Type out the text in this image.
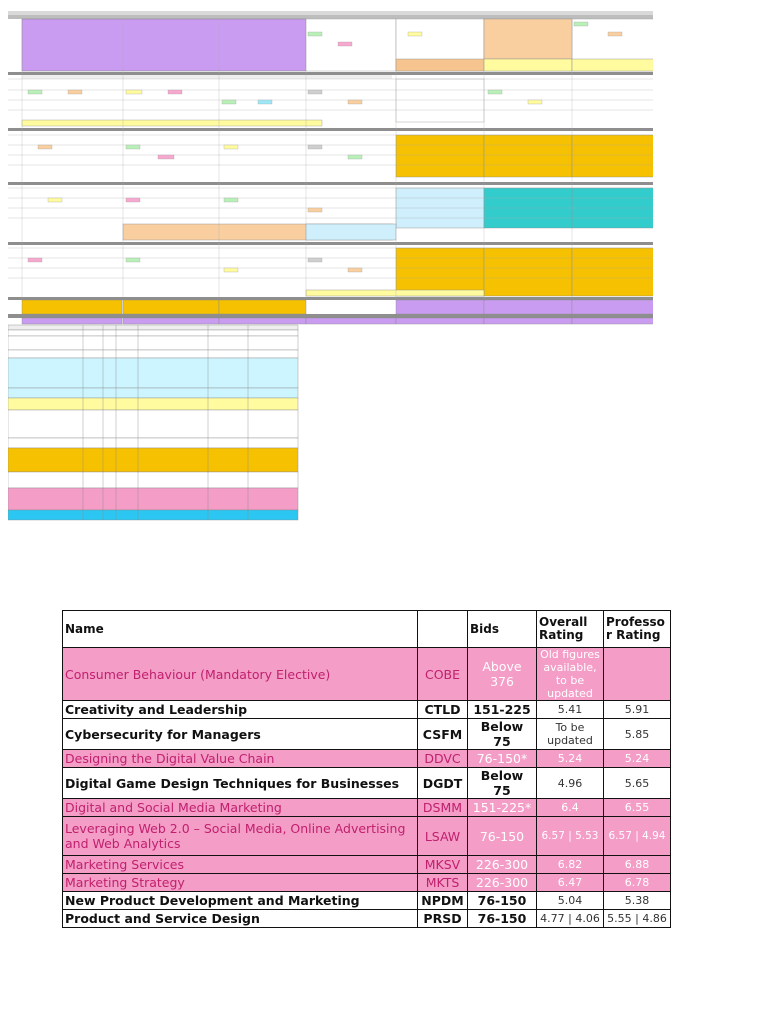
Name		Bids	Overall Rating	Professo r Rating
Consumer Behaviour (Mandatory Elective)	COBE	Above 376	Old figures available, to be updated	
Creativity and Leadership	CTLD	151-225	5.41	5.91
Cybersecurity for Managers	CSFM	Below 75	To be updated	5.85
Designing the Digital Value Chain	DDVC	76-150*	5.24	5.24
Digital Game Design Techniques for Businesses	DGDT	Below 75	4.96	5.65
Digital and Social Media Marketing	DSMM	151-225*	6.4	6.55
Leveraging Web 2.0 – Social Media, Online Advertising and Web Analytics	LSAW	76-150	6.57 | 5.53	6.57 | 4.94
Marketing Services	MKSV	226-300	6.82	6.88
Marketing Strategy	MKTS	226-300	6.47	6.78
New Product Development and Marketing	NPDM	76-150	5.04	5.38
Product and Service Design	PRSD	76-150	4.77 | 4.06	5.55 | 4.86
